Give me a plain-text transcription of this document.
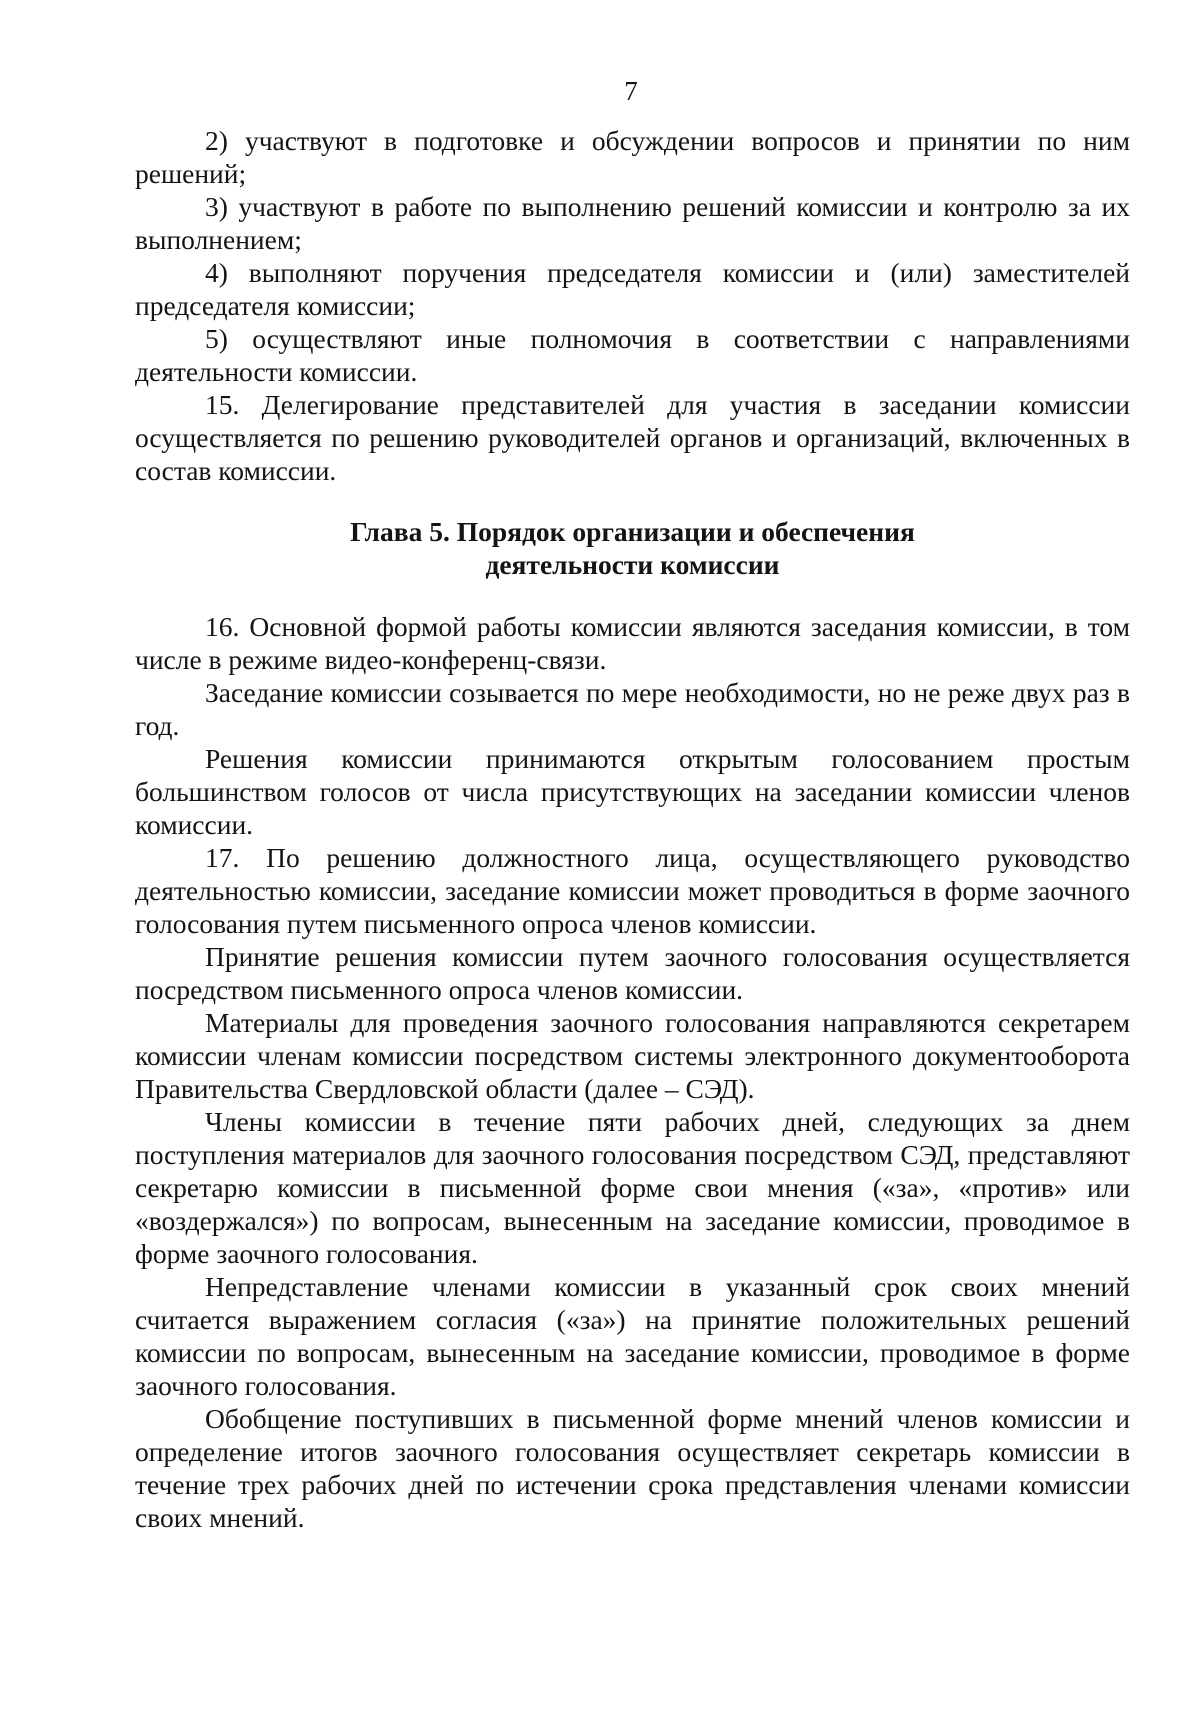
7

2) участвуют в подготовке и обсуждении вопросов и принятии по ним решений;

3) участвуют в работе по выполнению решений комиссии и контролю за их выполнением;

4) выполняют поручения председателя комиссии и (или) заместителей председателя комиссии;

5) осуществляют иные полномочия в соответствии с направлениями деятельности комиссии.

15. Делегирование представителей для участия в заседании комиссии осуществляется по решению руководителей органов и организаций, включенных в состав комиссии.

Глава 5. Порядок организации и обеспечения
деятельности комиссии

16. Основной формой работы комиссии являются заседания комиссии, в том числе в режиме видео-конференц-связи.

Заседание комиссии созывается по мере необходимости, но не реже двух раз в год.

Решения комиссии принимаются открытым голосованием простым большинством голосов от числа присутствующих на заседании комиссии членов комиссии.

17. По решению должностного лица, осуществляющего руководство деятельностью комиссии, заседание комиссии может проводиться в форме заочного голосования путем письменного опроса членов комиссии.

Принятие решения комиссии путем заочного голосования осуществляется посредством письменного опроса членов комиссии.

Материалы для проведения заочного голосования направляются секретарем комиссии членам комиссии посредством системы электронного документооборота Правительства Свердловской области (далее – СЭД).

Члены комиссии в течение пяти рабочих дней, следующих за днем поступления материалов для заочного голосования посредством СЭД, представляют секретарю комиссии в письменной форме свои мнения («за», «против» или «воздержался») по вопросам, вынесенным на заседание комиссии, проводимое в форме заочного голосования.

Непредставление членами комиссии в указанный срок своих мнений считается выражением согласия («за») на принятие положительных решений комиссии по вопросам, вынесенным на заседание комиссии, проводимое в форме заочного голосования.

Обобщение поступивших в письменной форме мнений членов комиссии и определение итогов заочного голосования осуществляет секретарь комиссии в течение трех рабочих дней по истечении срока представления членами комиссии своих мнений.
